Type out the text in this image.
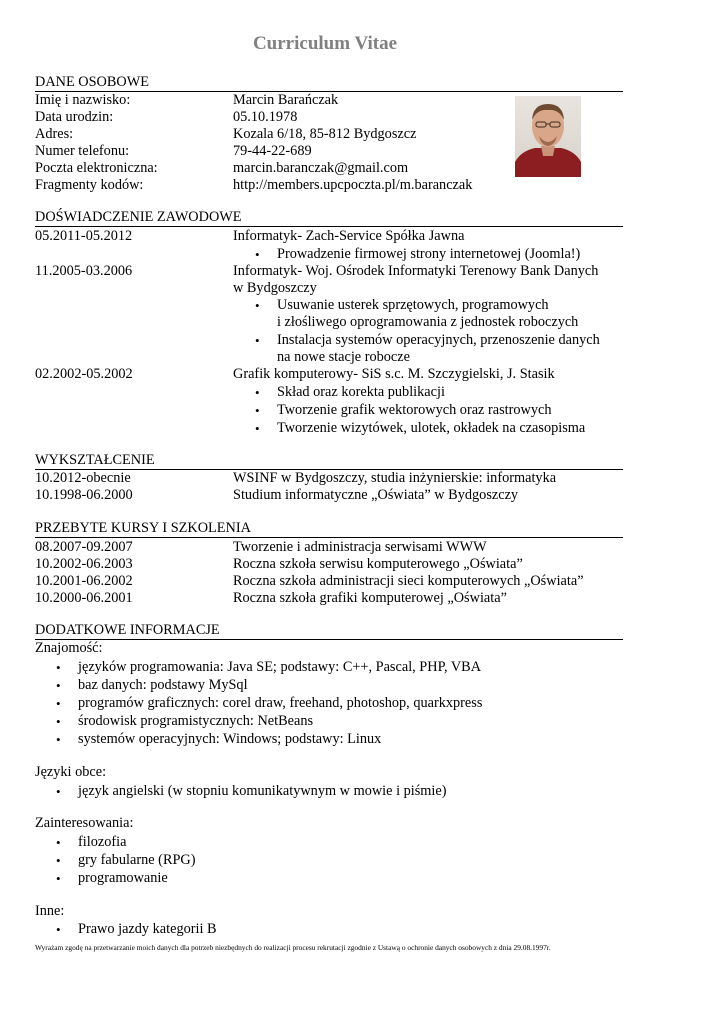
Curriculum Vitae
DANE OSOBOWE
Imię i nazwisko:	Marcin Barańczak
Data urodzin:	05.10.1978
Adres:	Kozala 6/18, 85-812 Bydgoszcz
Numer telefonu:	79-44-22-689
Poczta elektroniczna:	marcin.baranczak@gmail.com
Fragmenty kodów:	http://members.upcpoczta.pl/m.baranczak
DOŚWIADCZENIE ZAWODOWE
05.2011-05.2012	Informatyk- Zach-Service Spółka Jawna
• Prowadzenie firmowej strony internetowej (Joomla!)
11.2005-03.2006	Informatyk- Woj. Ośrodek Informatyki Terenowy Bank Danych
w Bydgoszczy
• Usuwanie usterek sprzętowych, programowych
i złośliwego oprogramowania z jednostek roboczych
• Instalacja systemów operacyjnych, przenoszenie danych
na nowe stacje robocze
02.2002-05.2002	Grafik komputerowy- SiS s.c. M. Szczygielski, J. Stasik
• Skład oraz korekta publikacji
• Tworzenie grafik wektorowych oraz rastrowych
• Tworzenie wizytówek, ulotek, okładek na czasopisma
WYKSZTAŁCENIE
10.2012-obecnie	WSINF w Bydgoszczy, studia inżynierskie: informatyka
10.1998-06.2000	Studium informatyczne „Oświata” w Bydgoszczy
PRZEBYTE KURSY I SZKOLENIA
08.2007-09.2007	Tworzenie i administracja serwisami WWW
10.2002-06.2003	Roczna szkoła serwisu komputerowego „Oświata”
10.2001-06.2002	Roczna szkoła administracji sieci komputerowych „Oświata”
10.2000-06.2001	Roczna szkoła grafiki komputerowej „Oświata”
DODATKOWE INFORMACJE
Znajomość:
• języków programowania: Java SE; podstawy: C++, Pascal, PHP, VBA
• baz danych: podstawy MySql
• programów graficznych: corel draw, freehand, photoshop, quarkxpress
• środowisk programistycznych: NetBeans
• systemów operacyjnych: Windows; podstawy: Linux
Języki obce:
• język angielski (w stopniu komunikatywnym w mowie i piśmie)
Zainteresowania:
• filozofia
• gry fabularne (RPG)
• programowanie
Inne:
• Prawo jazdy kategorii B
Wyrażam zgodę na przetwarzanie moich danych dla potrzeb niezbędnych do realizacji procesu rekrutacji zgodnie z Ustawą o ochronie danych osobowych z dnia 29.08.1997r.
